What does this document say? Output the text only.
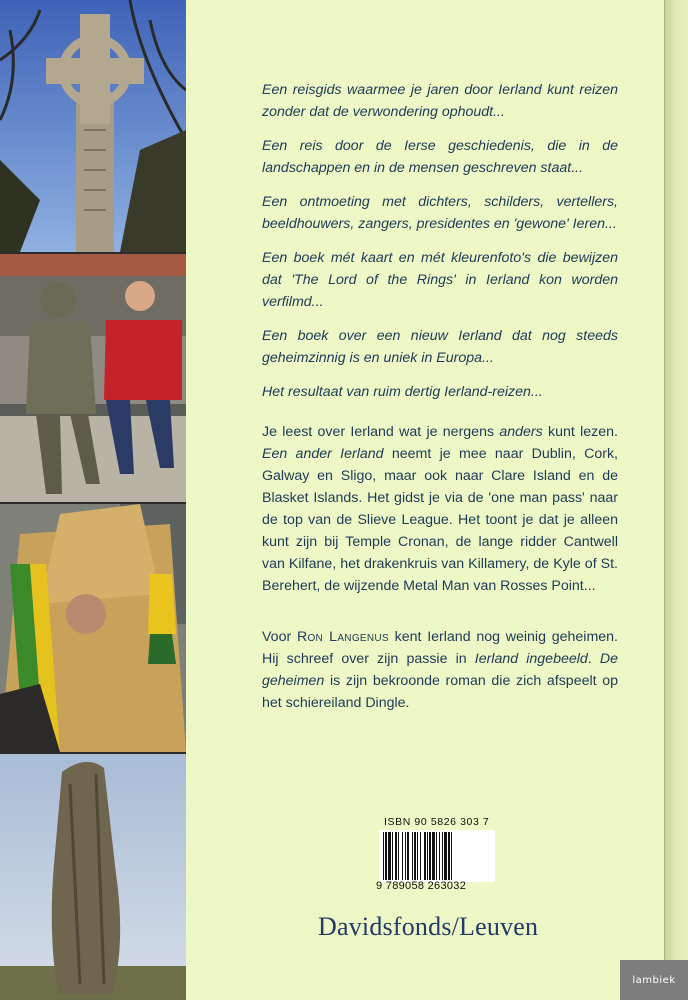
Een reisgids waarmee je jaren door Ierland kunt reizen zonder dat de verwondering ophoudt...

Een reis door de Ierse geschiedenis, die in de landschappen en in de mensen geschreven staat...

Een ontmoeting met dichters, schilders, vertellers, beeldhouwers, zangers, presidentes en 'gewone' Ieren...

Een boek mét kaart en mét kleurenfoto's die bewijzen dat 'The Lord of the Rings' in Ierland kon worden verfilmd...

Een boek over een nieuw Ierland dat nog steeds geheimzinnig is en uniek in Europa...

Het resultaat van ruim dertig Ierland-reizen...

Je leest over Ierland wat je nergens anders kunt lezen. Een ander Ierland neemt je mee naar Dublin, Cork, Galway en Sligo, maar ook naar Clare Island en de Blasket Islands. Het gidst je via de 'one man pass' naar de top van de Slieve League. Het toont je dat je alleen kunt zijn bij Temple Cronan, de lange ridder Cantwell van Kilfane, het drakenkruis van Killamery, de Kyle of St. Berehert, de wijzende Metal Man van Rosses Point...

Voor Ron Langenus kent Ierland nog weinig geheimen. Hij schreef over zijn passie in Ierland ingebeeld. De geheimen is zijn bekroonde roman die zich afspeelt op het schiereiland Dingle.

ISBN 90 5826 303 7
9 789058 263032
Davidsfonds/Leuven
lambiek
